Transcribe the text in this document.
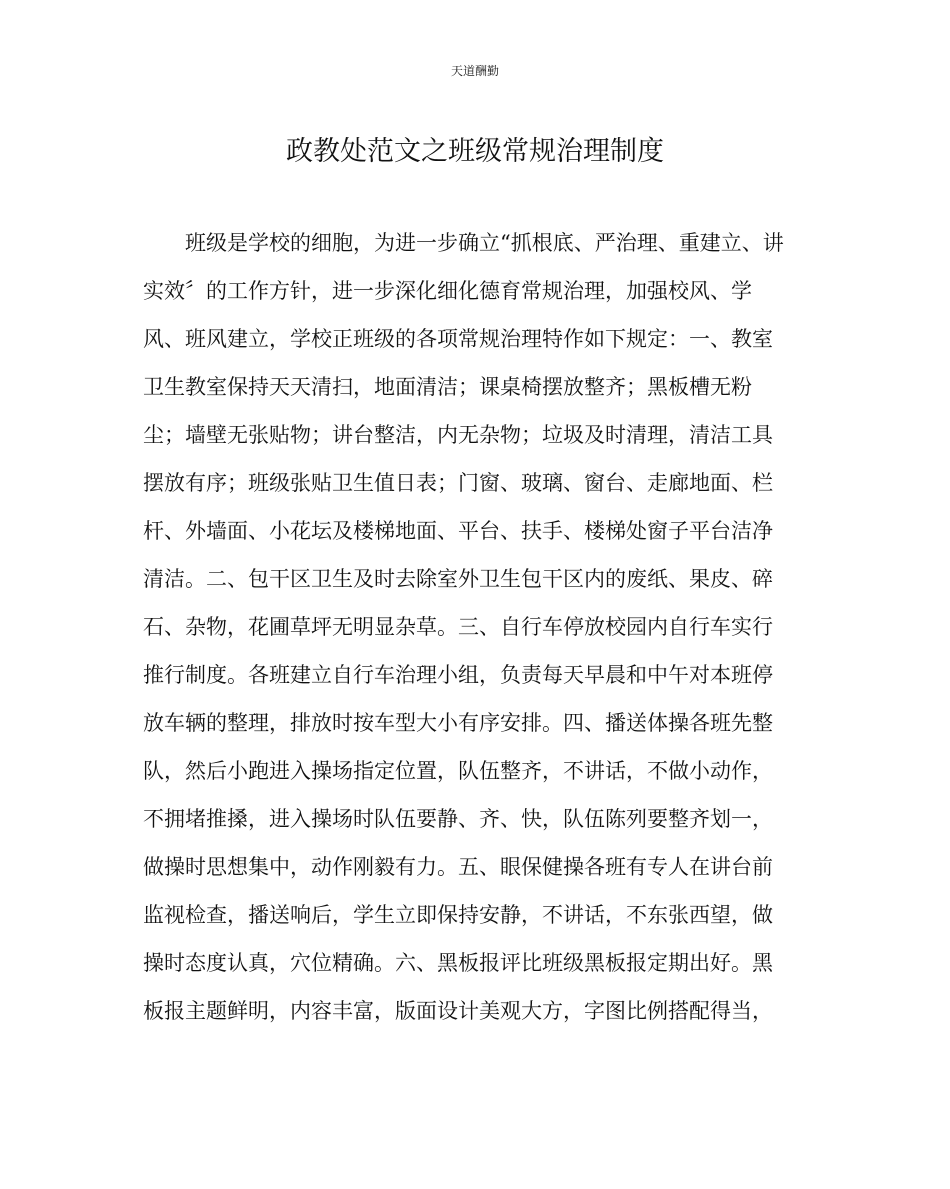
天道酬勤
政教处范文之班级常规治理制度
班级是学校的细胞，为进一步确立“抓根底、严治理、重建立、讲
实效〞的工作方针，进一步深化细化德育常规治理，加强校风、学
风、班风建立，学校正班级的各项常规治理特作如下规定：一、教室
卫生教室保持天天清扫，地面清洁；课桌椅摆放整齐；黑板槽无粉
尘；墙壁无张贴物；讲台整洁，内无杂物；垃圾及时清理，清洁工具
摆放有序；班级张贴卫生值日表；门窗、玻璃、窗台、走廊地面、栏
杆、外墙面、小花坛及楼梯地面、平台、扶手、楼梯处窗子平台洁净
清洁。二、包干区卫生及时去除室外卫生包干区内的废纸、果皮、碎
石、杂物，花圃草坪无明显杂草。三、自行车停放校园内自行车实行
推行制度。各班建立自行车治理小组，负责每天早晨和中午对本班停
放车辆的整理，排放时按车型大小有序安排。四、播送体操各班先整
队，然后小跑进入操场指定位置，队伍整齐，不讲话，不做小动作，
不拥堵推搡，进入操场时队伍要静、齐、快，队伍陈列要整齐划一，
做操时思想集中，动作刚毅有力。五、眼保健操各班有专人在讲台前
监视检查，播送响后，学生立即保持安静，不讲话，不东张西望，做
操时态度认真，穴位精确。六、黑板报评比班级黑板报定期出好。黑
板报主题鲜明，内容丰富，版面设计美观大方，字图比例搭配得当，
